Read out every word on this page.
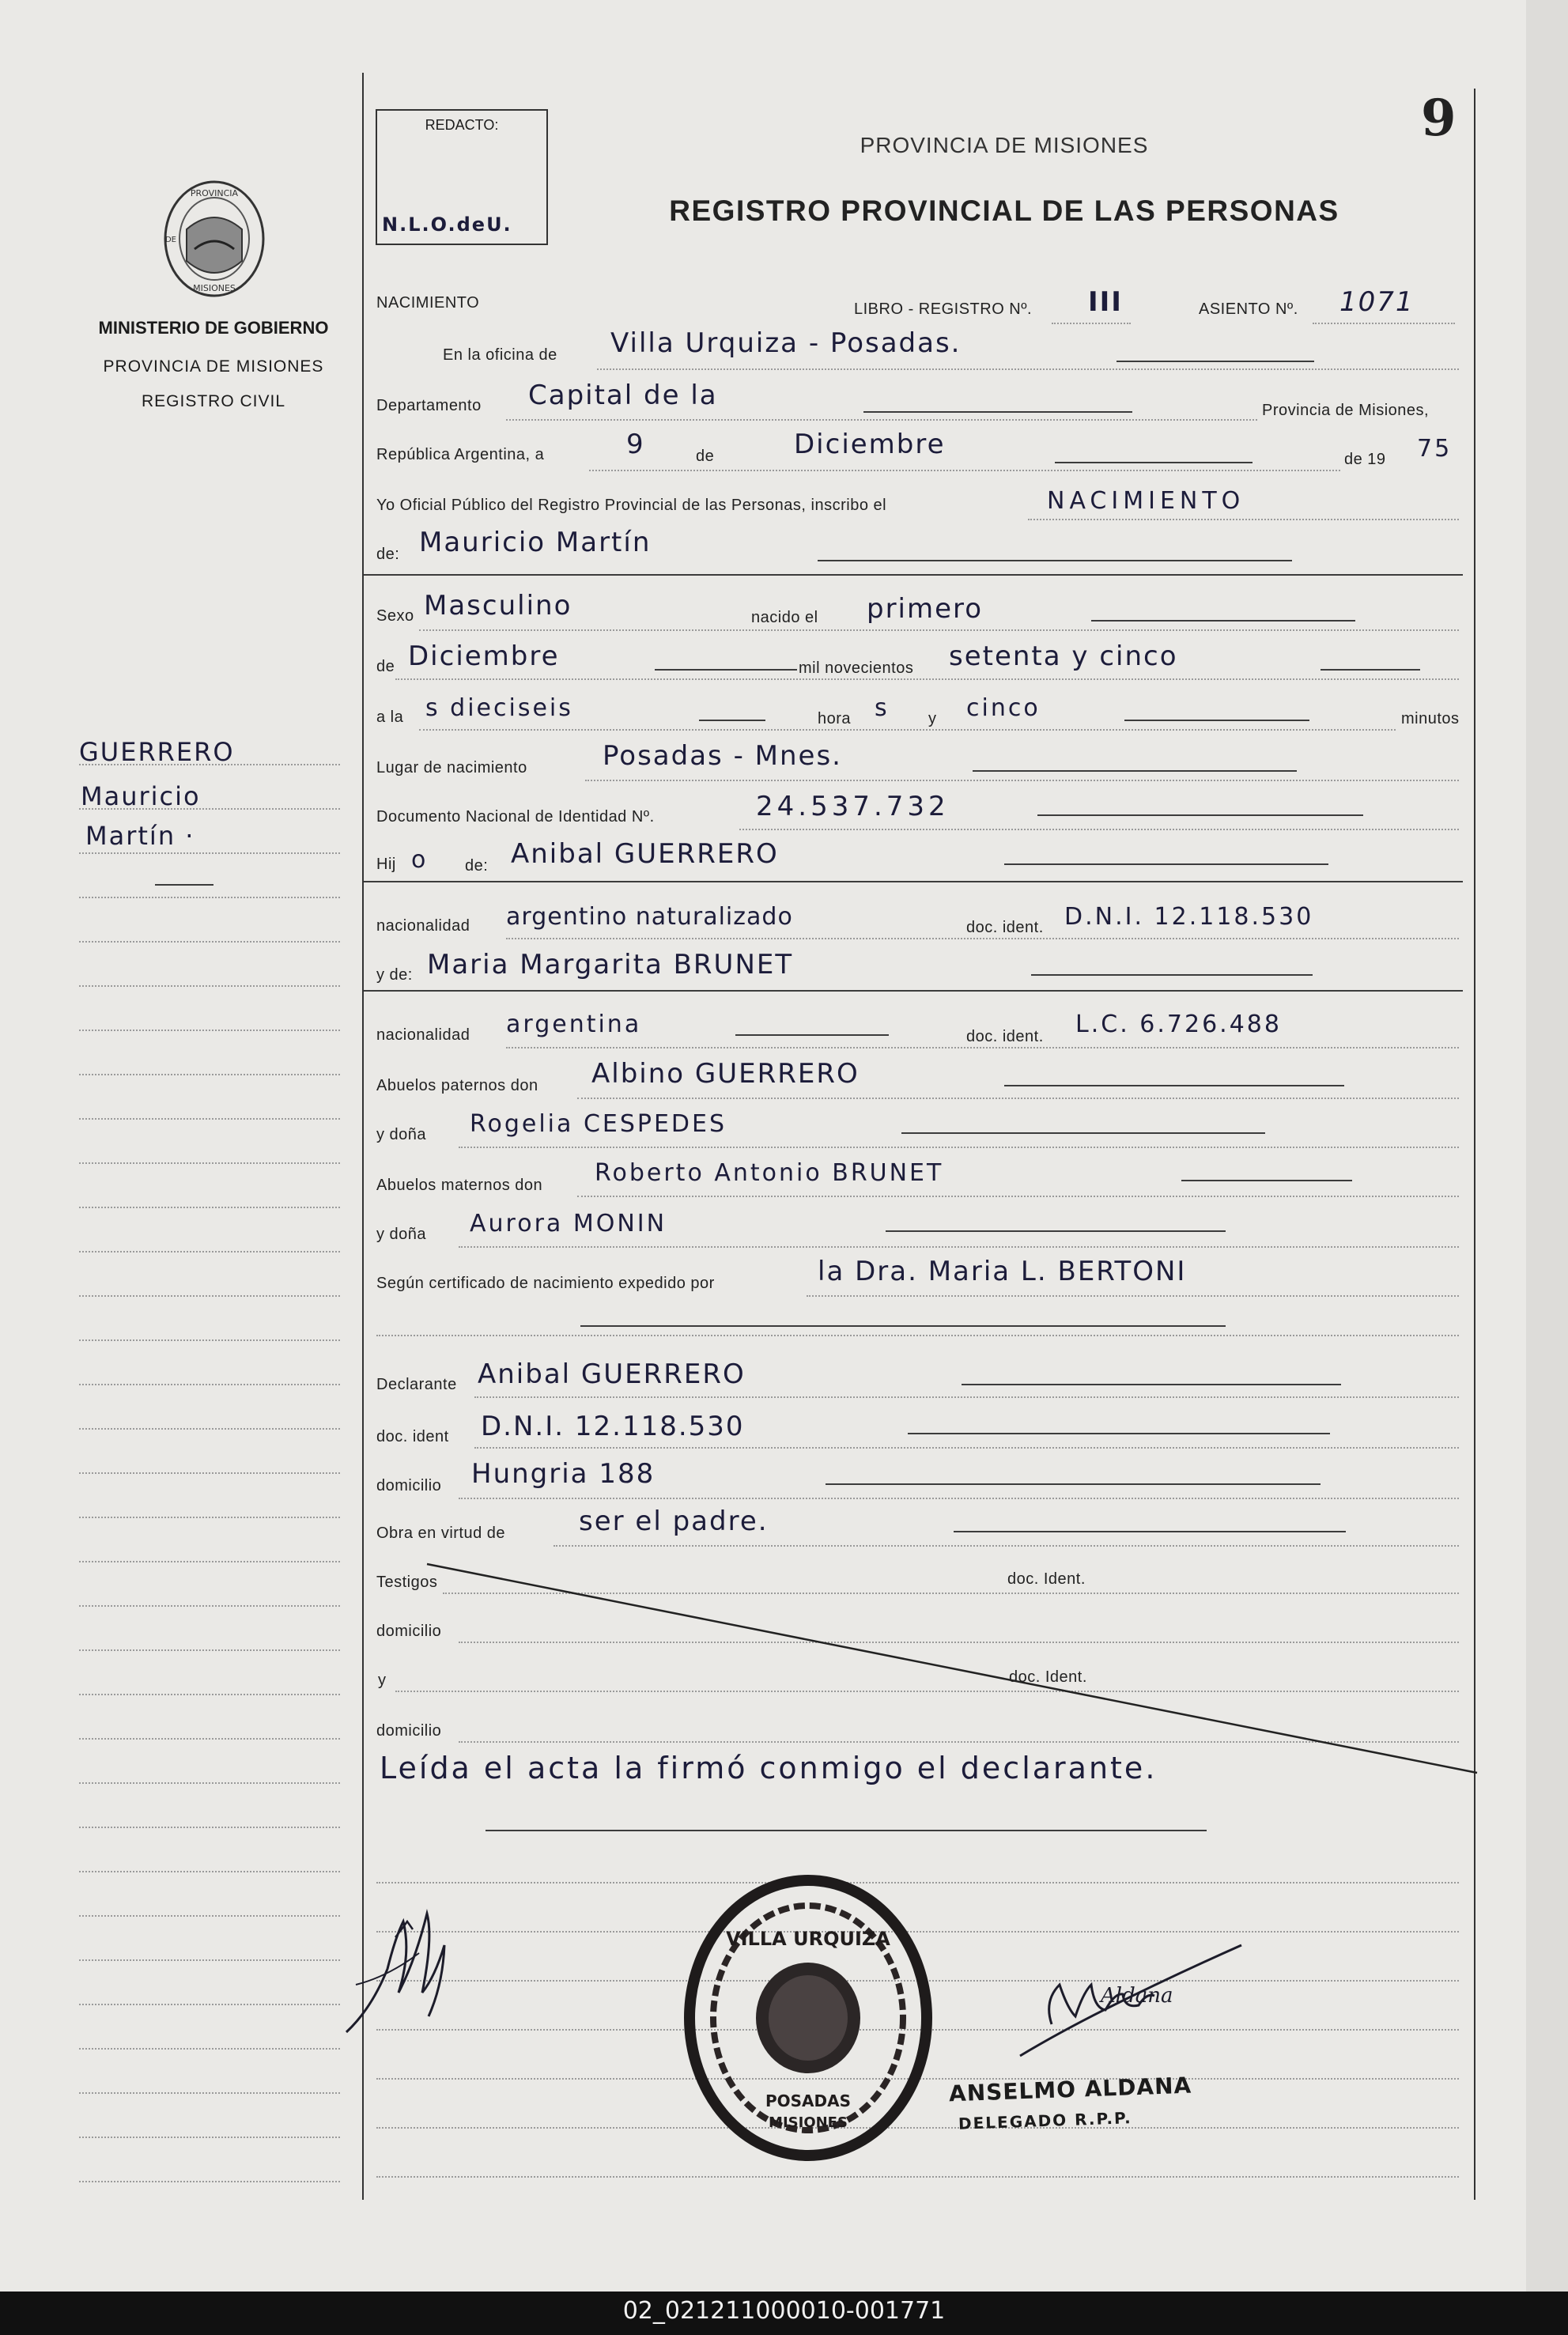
02_021211000010-001771
PROVINCIA
MISIONES
DE
MINISTERIO DE GOBIERNO
PROVINCIA DE MISIONES
REGISTRO CIVIL
GUERRERO
Mauricio
Martín ·
REDACTO:
N.L.O.deU.
9
PROVINCIA DE MISIONES
REGISTRO PROVINCIAL DE LAS PERSONAS
NACIMIENTO	LIBRO - REGISTRO Nº. III	ASIENTO Nº. 1071
En la oficina de Villa Urquiza - Posadas.
Departamento Capital de la	Provincia de Misiones,
República Argentina, a	9	de	Diciembre	de 19 75
Yo Oficial Público del Registro Provincial de las Personas, inscribo el	NACIMIENTO
de: Mauricio Martín
Sexo Masculino	nacido el primero
de Diciembre	mil novecientos setenta y cinco
a la s dieciseis	hora s y cinco	minutos
Lugar de nacimiento	Posadas - Mnes.
Documento Nacional de Identidad Nº.	24.537.732
Hij o de: Anibal GUERRERO
nacionalidad argentino naturalizado	doc. ident. D.N.I. 12.118.530
y de: Maria Margarita BRUNET
nacionalidad argentina	doc. ident. L.C. 6.726.488
Abuelos paternos don Albino GUERRERO
y doña Rogelia CESPEDES
Abuelos maternos don Roberto Antonio BRUNET
y doña Aurora MONIN
Según certificado de nacimiento expedido por	la Dra. Maria L. BERTONI
Declarante Anibal GUERRERO
doc. ident D.N.I. 12.118.530
domicilio Hungria 188
Obra en virtud de	ser el padre.
Testigos	doc. Ident.
domicilio
y	doc. Ident.
domicilio
Leída el acta la firmó conmigo el declarante.
VILLA URQUIZA
POSADAS
MISIONES
Aldana
ANSELMO ALDANA
DELEGADO R.P.P.
